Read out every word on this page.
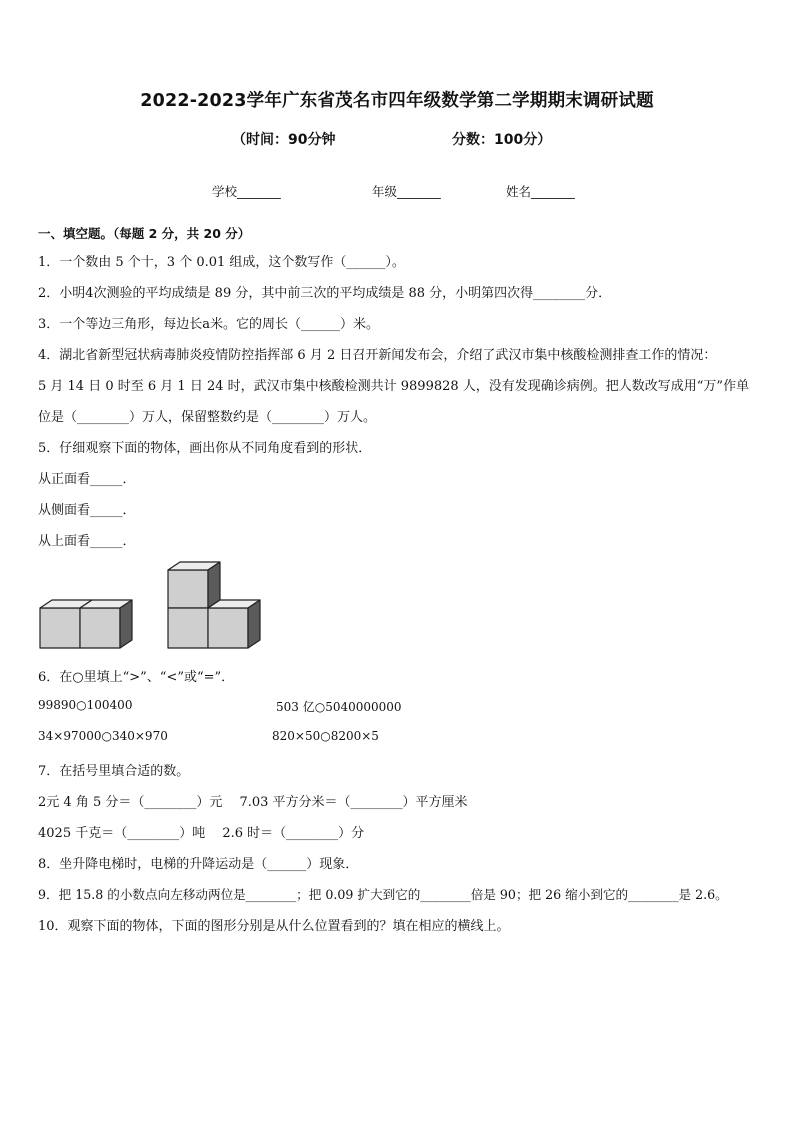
2022-2023学年广东省茂名市四年级数学第二学期期末调研试题
（时间：90分钟	分数：100分）
学校_______	年级_______	姓名_______
一、填空题。（每题 2 分，共 20 分）
1．一个数由 5 个十，3 个 0.01 组成，这个数写作（______）。
2．小明4次测验的平均成绩是 89 分，其中前三次的平均成绩是 88 分，小明第四次得________分．
3．一个等边三角形，每边长a米。它的周长（______）米。
4．湖北省新型冠状病毒肺炎疫情防控指挥部 6 月 2 日召开新闻发布会，介绍了武汉市集中核酸检测排查工作的情况：
5 月 14 日 0 时至 6 月 1 日 24 时，武汉市集中核酸检测共计 9899828 人，没有发现确诊病例。把人数改写成用“万”作单
位是（________）万人，保留整数约是（________）万人。
5．仔细观察下面的物体，画出你从不同角度看到的形状．
从正面看_____．
从侧面看_____．
从上面看_____．
6．在○里填上“>”、“<”或“=”．
99890○100400	503 亿○5040000000
34×97000○340×970	820×50○8200×5
7．在括号里填合适的数。
2元 4 角 5 分＝（________）元　 7.03 平方分米＝（________）平方厘米
4025 千克＝（________）吨　 2.6 时＝（________）分
8．坐升降电梯时，电梯的升降运动是（______）现象．
9．把 15.8 的小数点向左移动两位是________；把 0.09 扩大到它的________倍是 90；把 26 缩小到它的________是 2.6。
10．观察下面的物体，下面的图形分别是从什么位置看到的？填在相应的横线上。
